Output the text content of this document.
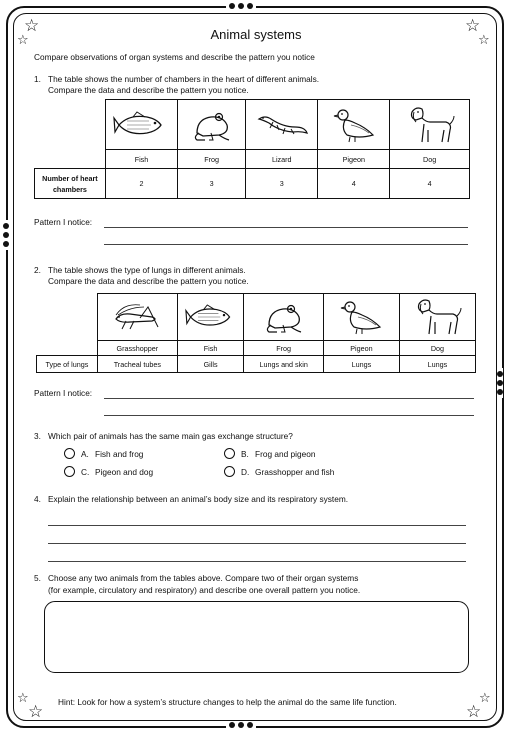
☆
☆
☆
☆
☆
☆
☆
☆
Animal systems
Compare observations of organ systems and describe the pattern you notice
1. The table shows the number of chambers in the heart of different animals.
Compare the data and describe the pattern you notice.

	Fish	Frog	Lizard	Pigeon	Dog
Number of heart
chambers	2	3	3	4	4
Pattern I notice:
2. The table shows the type of lungs in different animals.
Compare the data and describe the pattern you notice.

	Grasshopper	Fish	Frog	Pigeon	Dog
Type of lungs	Tracheal tubes	Gills	Lungs and skin	Lungs	Lungs
Pattern I notice:
3. Which pair of animals has the same main gas exchange structure?
A. Fish and frog	B. Frog and pigeon
C. Pigeon and dog	D. Grasshopper and fish
4. Explain the relationship between an animal’s body size and its respiratory system.
5. Choose any two animals from the tables above. Compare two of their organ systems
(for example, circulatory and respiratory) and describe one overall pattern you notice.
Hint: Look for how a system’s structure changes to help the animal do the same life function.
